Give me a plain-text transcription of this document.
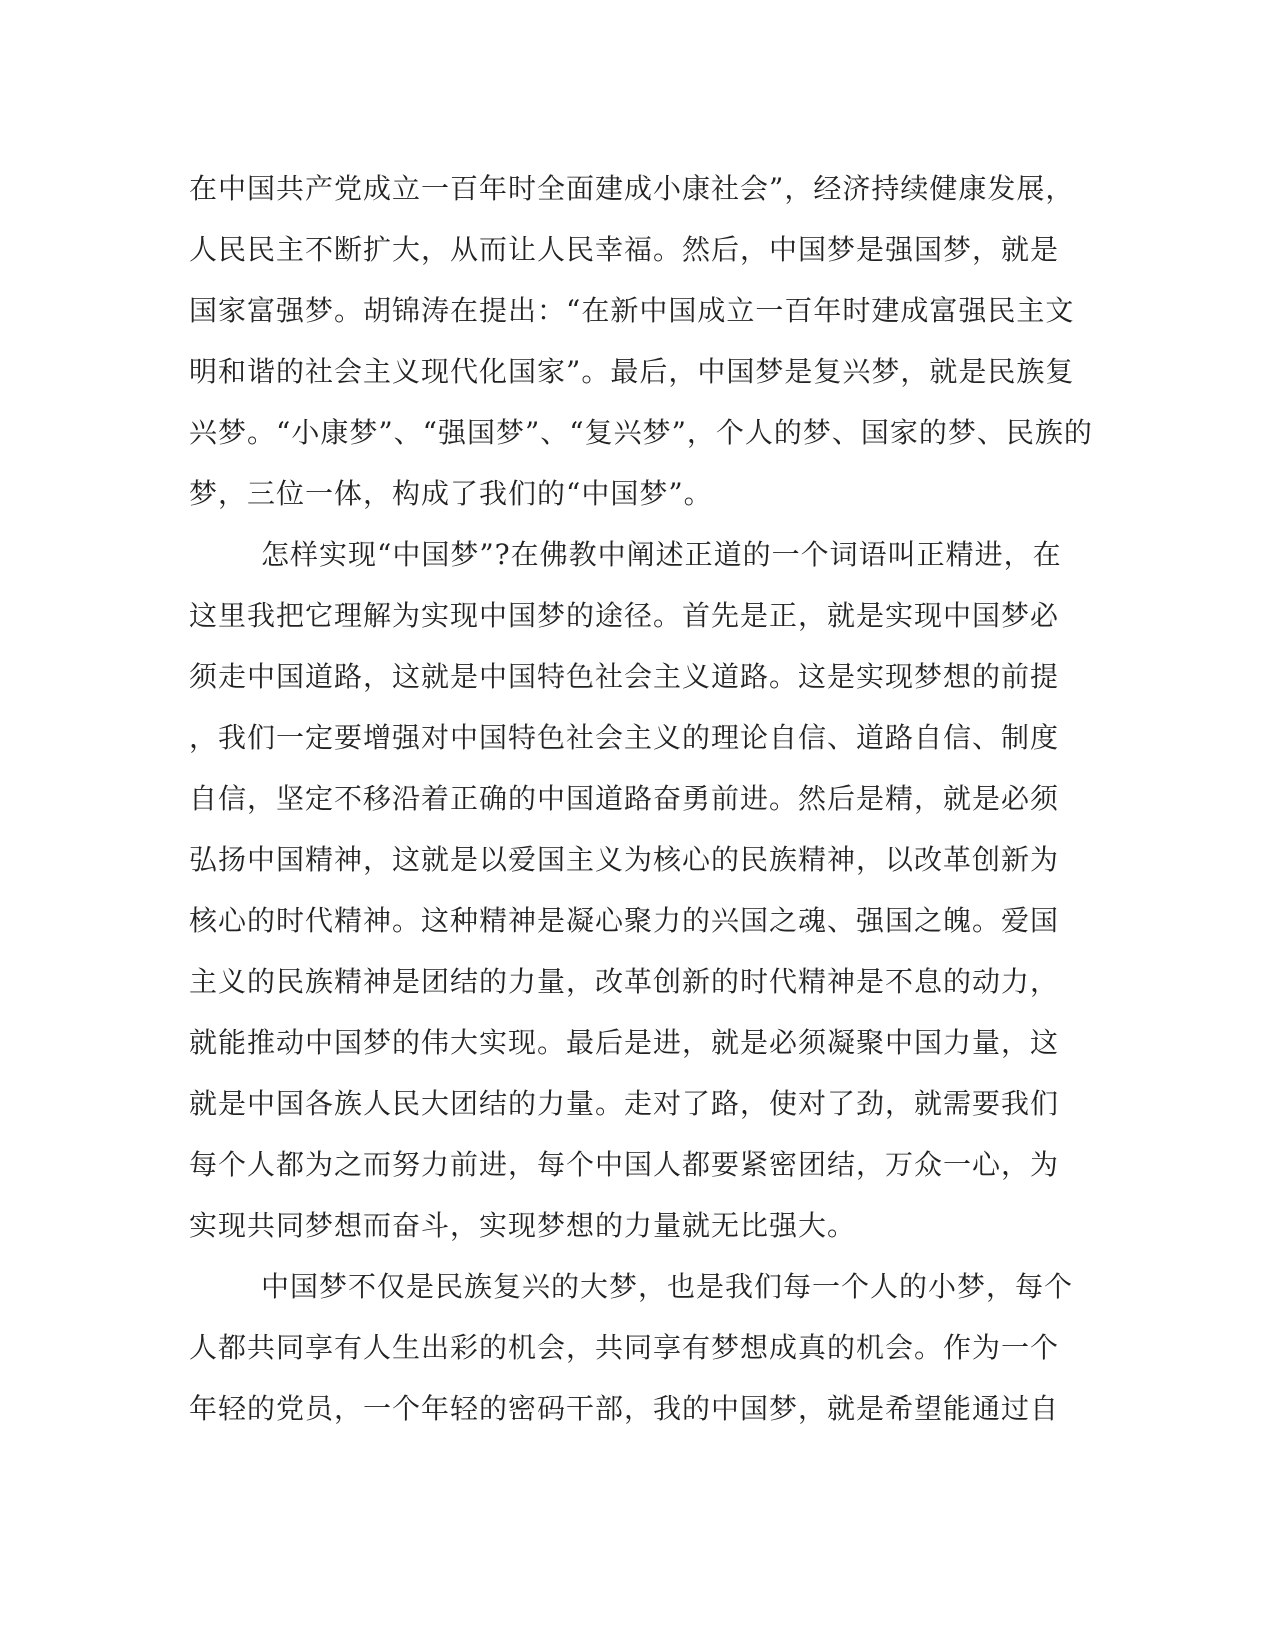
在中国共产党成立一百年时全面建成小康社会”，经济持续健康发展，
人民民主不断扩大，从而让人民幸福。然后，中国梦是强国梦，就是
国家富强梦。胡锦涛在提出：“在新中国成立一百年时建成富强民主文
明和谐的社会主义现代化国家”。最后，中国梦是复兴梦，就是民族复
兴梦。“小康梦”、“强国梦”、“复兴梦”，个人的梦、国家的梦、民族的
梦，三位一体，构成了我们的“中国梦”。
怎样实现“中国梦”?在佛教中阐述正道的一个词语叫正精进，在
这里我把它理解为实现中国梦的途径。首先是正，就是实现中国梦必
须走中国道路，这就是中国特色社会主义道路。这是实现梦想的前提
，我们一定要增强对中国特色社会主义的理论自信、道路自信、制度
自信，坚定不移沿着正确的中国道路奋勇前进。然后是精，就是必须
弘扬中国精神，这就是以爱国主义为核心的民族精神，以改革创新为
核心的时代精神。这种精神是凝心聚力的兴国之魂、强国之魄。爱国
主义的民族精神是团结的力量，改革创新的时代精神是不息的动力，
就能推动中国梦的伟大实现。最后是进，就是必须凝聚中国力量，这
就是中国各族人民大团结的力量。走对了路，使对了劲，就需要我们
每个人都为之而努力前进，每个中国人都要紧密团结，万众一心，为
实现共同梦想而奋斗，实现梦想的力量就无比强大。
中国梦不仅是民族复兴的大梦，也是我们每一个人的小梦，每个
人都共同享有人生出彩的机会，共同享有梦想成真的机会。作为一个
年轻的党员，一个年轻的密码干部，我的中国梦，就是希望能通过自
